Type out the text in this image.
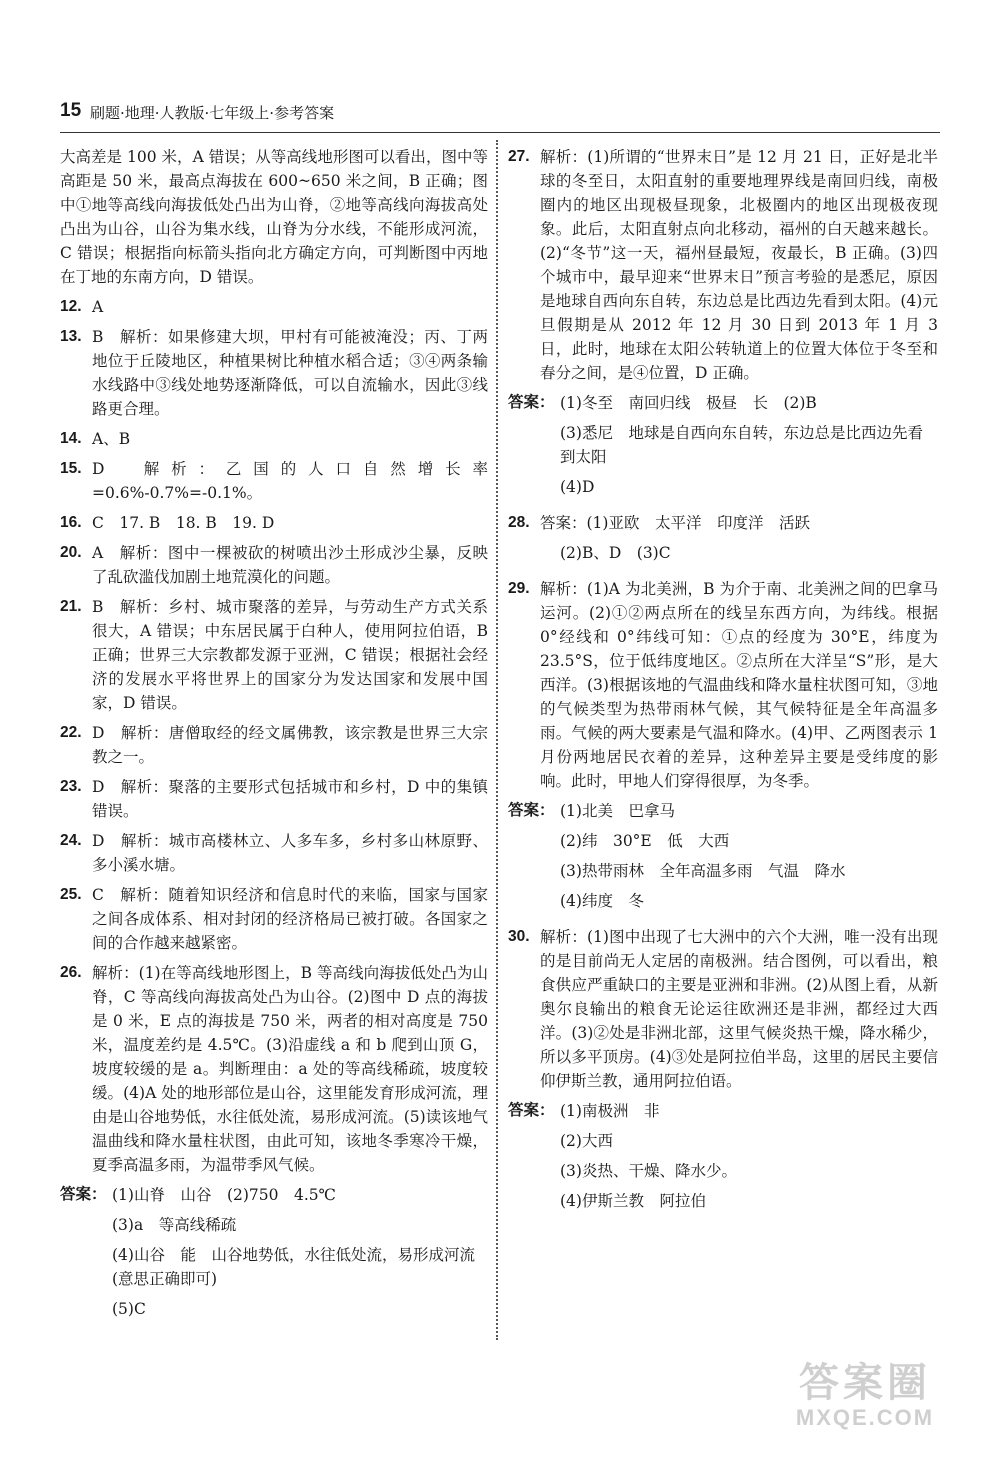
15 刷题·地理·人教版·七年级上·参考答案
大高差是 100 米，A 错误；从等高线地形图可以看出，图中等高距是 50 米，最高点海拔在 600~650 米之间，B 正确；图中①地等高线向海拔低处凸出为山脊，②地等高线向海拔高处凸出为山谷，山谷为集水线，山脊为分水线，不能形成河流，C 错误；根据指向标箭头指向北方确定方向，可判断图中丙地在丁地的东南方向，D 错误。
12. A
13. B　解析：如果修建大坝，甲村有可能被淹没；丙、丁两地位于丘陵地区，种植果树比种植水稻合适；③④两条输水线路中③线处地势逐渐降低，可以自流输水，因此③线路更合理。
14. A、B
15. D　解析：乙国的人口自然增长率=0.6%-0.7%=-0.1%。
16. C　17. B　18. B　19. D
20. A　解析：图中一棵被砍的树喷出沙土形成沙尘暴，反映了乱砍滥伐加剧土地荒漠化的问题。
21. B　解析：乡村、城市聚落的差异，与劳动生产方式关系很大，A 错误；中东居民属于白种人，使用阿拉伯语，B 正确；世界三大宗教都发源于亚洲，C 错误；根据社会经济的发展水平将世界上的国家分为发达国家和发展中国家，D 错误。
22. D　解析：唐僧取经的经文属佛教，该宗教是世界三大宗教之一。
23. D　解析：聚落的主要形式包括城市和乡村，D 中的集镇错误。
24. D　解析：城市高楼林立、人多车多，乡村多山林原野、多小溪水塘。
25. C　解析：随着知识经济和信息时代的来临，国家与国家之间各成体系、相对封闭的经济格局已被打破。各国家之间的合作越来越紧密。
26. 解析：(1)在等高线地形图上，B 等高线向海拔低处凸为山脊，C 等高线向海拔高处凸为山谷。(2)图中 D 点的海拔是 0 米，E 点的海拔是 750 米，两者的相对高度是 750 米，温度差约是 4.5℃。(3)沿虚线 a 和 b 爬到山顶 G，坡度较缓的是 a。判断理由：a 处的等高线稀疏，坡度较缓。(4)A 处的地形部位是山谷，这里能发育形成河流，理由是山谷地势低，水往低处流，易形成河流。(5)读该地气温曲线和降水量柱状图，由此可知，该地冬季寒冷干燥，夏季高温多雨，为温带季风气候。
答案： (1)山脊　山谷　(2)750　4.5℃
(3)a　等高线稀疏
(4)山谷　能　山谷地势低，水往低处流，易形成河流(意思正确即可)
(5)C
27. 解析：(1)所谓的“世界末日”是 12 月 21 日，正好是北半球的冬至日，太阳直射的重要地理界线是南回归线，南极圈内的地区出现极昼现象，北极圈内的地区出现极夜现象。此后，太阳直射点向北移动，福州的白天越来越长。(2)“冬节”这一天，福州昼最短，夜最长，B 正确。(3)四个城市中，最早迎来“世界末日”预言考验的是悉尼，原因是地球自西向东自转，东边总是比西边先看到太阳。(4)元旦假期是从 2012 年 12 月 30 日到 2013 年 1 月 3 日，此时，地球在太阳公转轨道上的位置大体位于冬至和春分之间，是④位置，D 正确。
答案： (1)冬至　南回归线　极昼　长　(2)B
(3)悉尼　地球是自西向东自转，东边总是比西边先看到太阳
(4)D
28. 答案：(1)亚欧　太平洋　印度洋　活跃
(2)B、D　(3)C
29. 解析：(1)A 为北美洲，B 为介于南、北美洲之间的巴拿马运河。(2)①②两点所在的线呈东西方向，为纬线。根据 0°经线和 0°纬线可知：①点的经度为 30°E，纬度为 23.5°S，位于低纬度地区。②点所在大洋呈“S”形，是大西洋。(3)根据该地的气温曲线和降水量柱状图可知，③地的气候类型为热带雨林气候，其气候特征是全年高温多雨。气候的两大要素是气温和降水。(4)甲、乙两图表示 1 月份两地居民衣着的差异，这种差异主要是受纬度的影响。此时，甲地人们穿得很厚，为冬季。
答案： (1)北美　巴拿马
(2)纬　30°E　低　大西
(3)热带雨林　全年高温多雨　气温　降水
(4)纬度　冬
30. 解析：(1)图中出现了七大洲中的六个大洲，唯一没有出现的是目前尚无人定居的南极洲。结合图例，可以看出，粮食供应严重缺口的主要是亚洲和非洲。(2)从图上看，从新奥尔良输出的粮食无论运往欧洲还是非洲，都经过大西洋。(3)②处是非洲北部，这里气候炎热干燥，降水稀少，所以多平顶房。(4)③处是阿拉伯半岛，这里的居民主要信仰伊斯兰教，通用阿拉伯语。
答案： (1)南极洲　非
(2)大西
(3)炎热、干燥、降水少。
(4)伊斯兰教　阿拉伯
答案圈
MXQE.COM
